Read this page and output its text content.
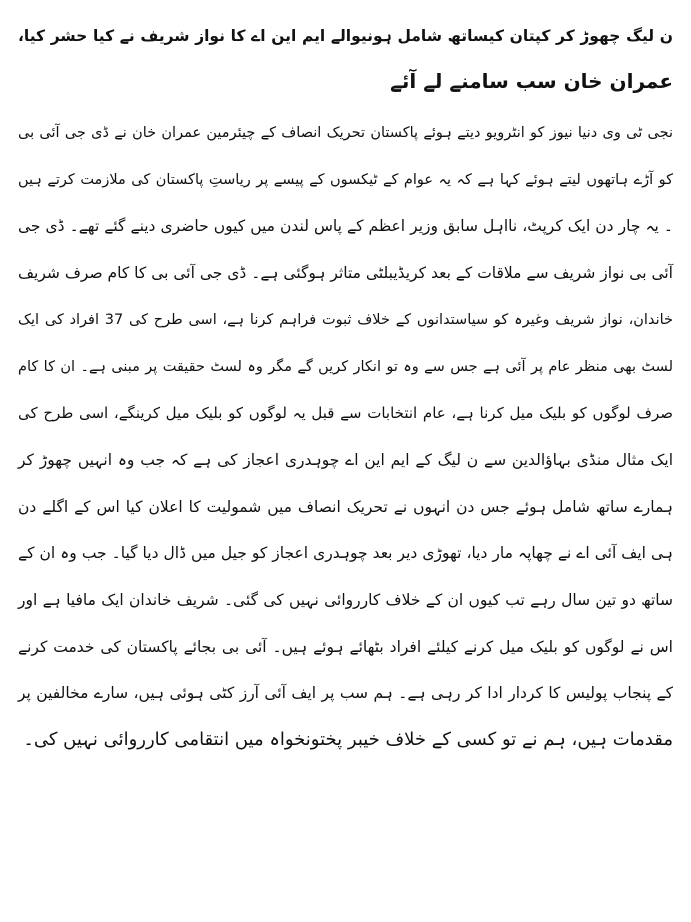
ن لیگ چھوڑ کر کپتان کیساتھ شامل ہونیوالے ایم این اے کا نواز شریف نے کیا حشر کیا،
عمران خان سب سامنے لے آئے
نجی ٹی وی دنیا نیوز کو انٹرویو دیتے ہوئے پاکستان تحریک انصاف کے چیئرمین عمران خان نے ڈی جی آئی بی
کو آڑے ہاتھوں لیتے ہوئے کہا ہے کہ یہ عوام کے ٹیکسوں کے پیسے پر ریاستِ پاکستان کی ملازمت کرتے ہیں
۔ یہ چار دن ایک کرپٹ، نااہل سابق وزیر اعظم کے پاس لندن میں کیوں حاضری دینے گئے تھے۔ ڈی جی
آئی بی نواز شریف سے ملاقات کے بعد کریڈیبلٹی متاثر ہوگئی ہے۔ ڈی جی آئی بی کا کام صرف شریف
خاندان، نواز شریف وغیرہ کو سیاستدانوں کے خلاف ثبوت فراہم کرنا ہے، اسی طرح کی 37 افراد کی ایک
لسٹ بھی منظر عام پر آئی ہے جس سے وہ تو انکار کریں گے مگر وہ لسٹ حقیقت پر مبنی ہے۔ ان کا کام
صرف لوگوں کو بلیک میل کرنا ہے، عام انتخابات سے قبل یہ لوگوں کو بلیک میل کرینگے، اسی طرح کی
ایک مثال منڈی بہاؤالدین سے ن لیگ کے ایم این اے چوہدری اعجاز کی ہے کہ جب وہ انہیں چھوڑ کر
ہمارے ساتھ شامل ہوئے جس دن انہوں نے تحریک انصاف میں شمولیت کا اعلان کیا اس کے اگلے دن
ہی ایف آئی اے نے چھاپہ مار دیا، تھوڑی دیر بعد چوہدری اعجاز کو جیل میں ڈال دیا گیا۔ جب وہ ان کے
ساتھ دو تین سال رہے تب کیوں ان کے خلاف کارروائی نہیں کی گئی۔ شریف خاندان ایک مافیا ہے اور
اس نے لوگوں کو بلیک میل کرنے کیلئے افراد بٹھائے ہوئے ہیں۔ آئی بی بجائے پاکستان کی خدمت کرنے
کے پنجاب پولیس کا کردار ادا کر رہی ہے۔ ہم سب پر ایف آئی آرز کٹی ہوئی ہیں، سارے مخالفین پر
مقدمات ہیں، ہم نے تو کسی کے خلاف خیبر پختونخواہ میں انتقامی کارروائی نہیں کی۔
